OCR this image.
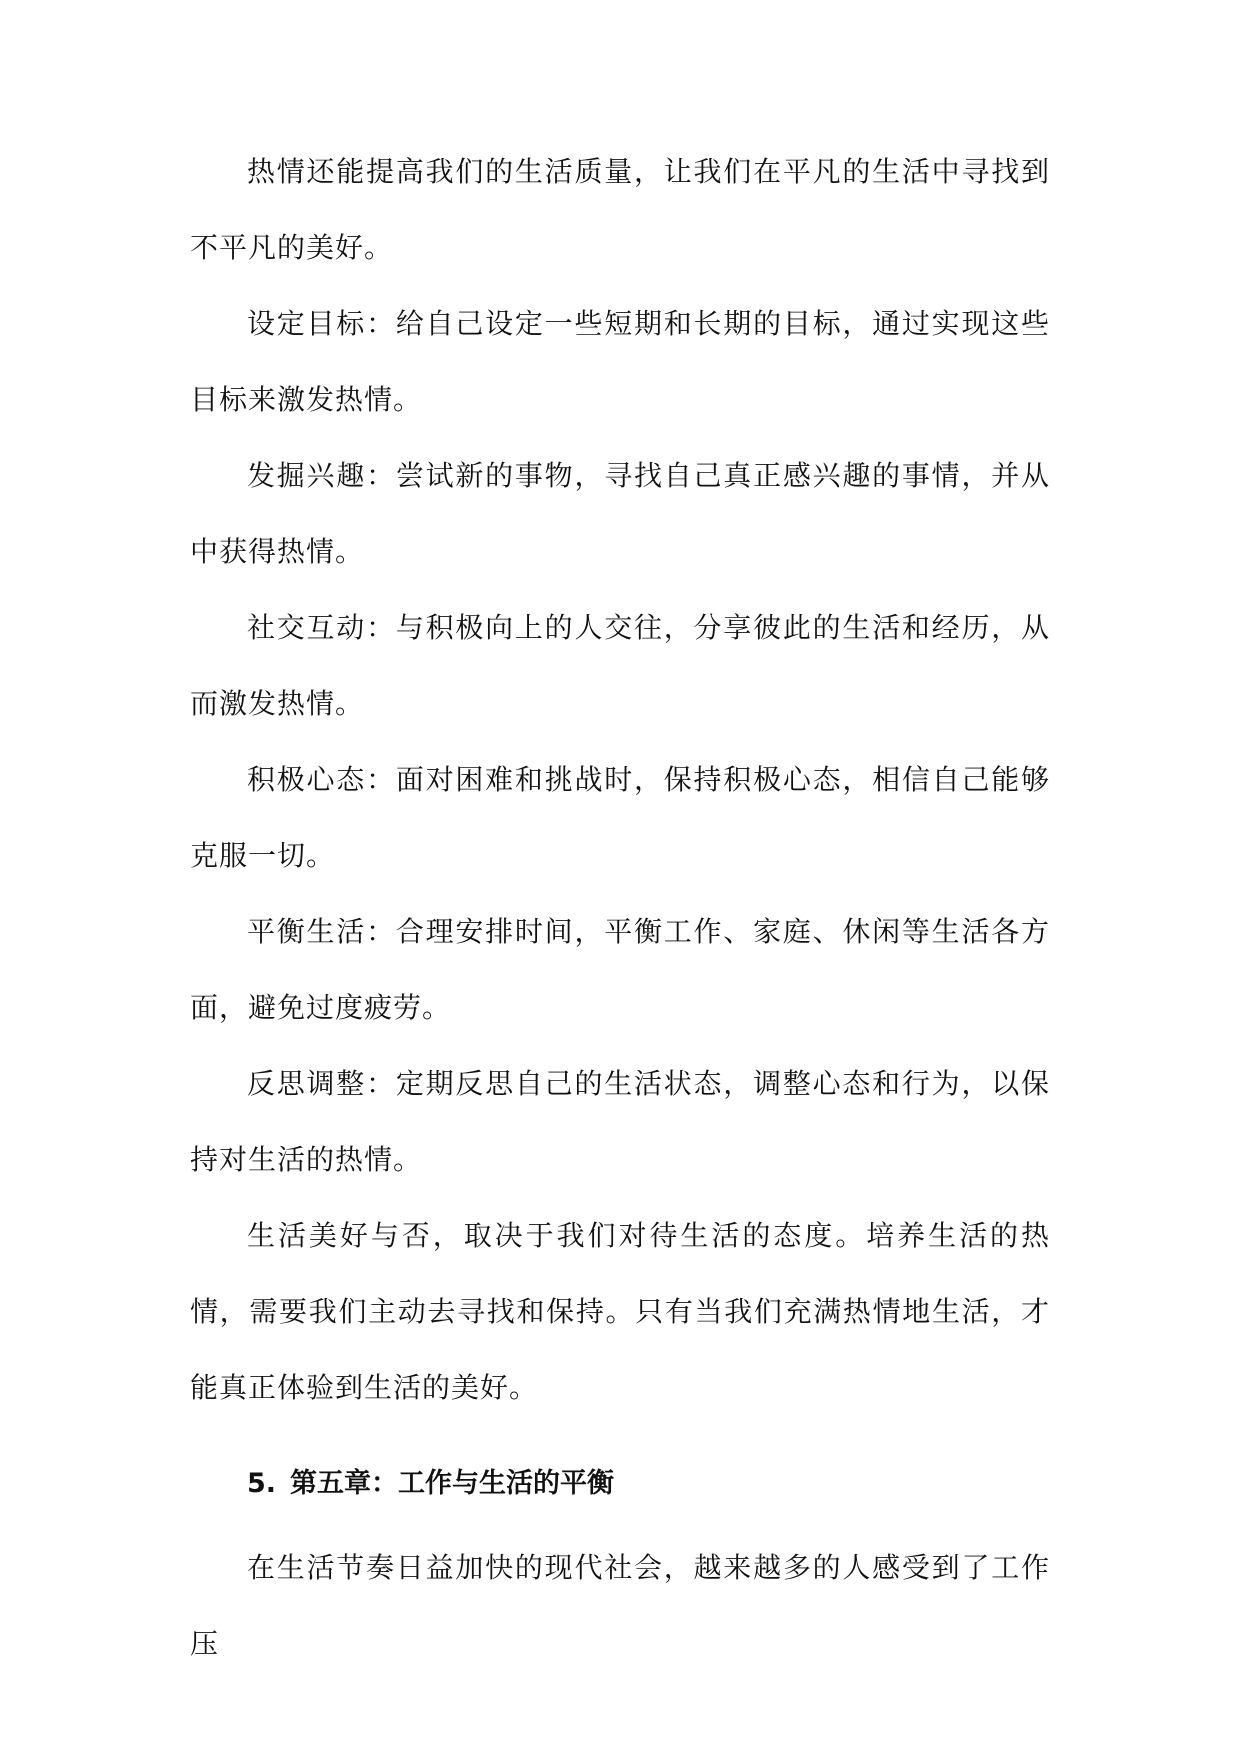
热情还能提高我们的生活质量，让我们在平凡的生活中寻找到不平凡的美好。

设定目标：给自己设定一些短期和长期的目标，通过实现这些目标来激发热情。

发掘兴趣：尝试新的事物，寻找自己真正感兴趣的事情，并从中获得热情。

社交互动：与积极向上的人交往，分享彼此的生活和经历，从而激发热情。

积极心态：面对困难和挑战时，保持积极心态，相信自己能够克服一切。

平衡生活：合理安排时间，平衡工作、家庭、休闲等生活各方面，避免过度疲劳。

反思调整：定期反思自己的生活状态，调整心态和行为，以保持对生活的热情。

生活美好与否，取决于我们对待生活的态度。培养生活的热情，需要我们主动去寻找和保持。只有当我们充满热情地生活，才能真正体验到生活的美好。

5. 第五章：工作与生活的平衡

在生活节奏日益加快的现代社会，越来越多的人感受到了工作压
